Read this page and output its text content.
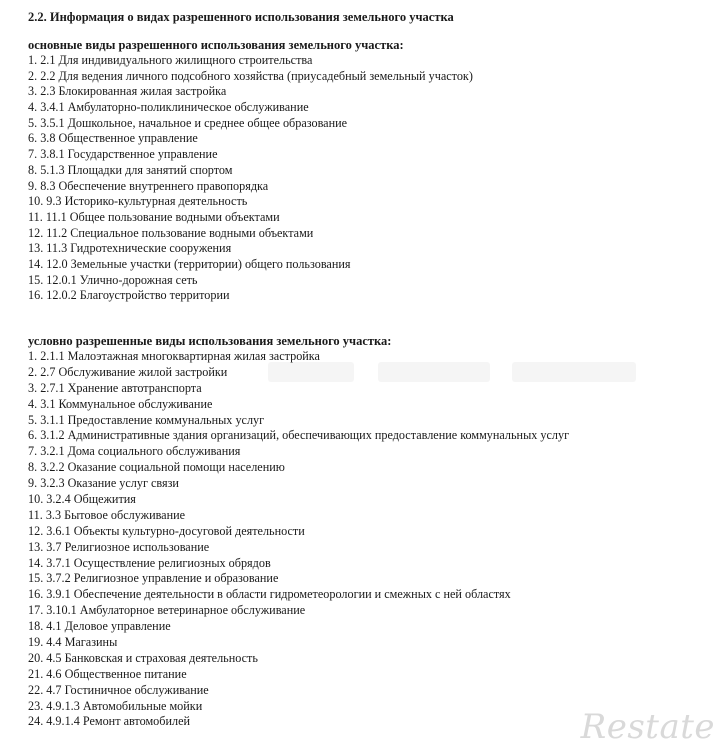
2.2. Информация о видах разрешенного использования земельного участка
основные виды разрешенного использования земельного участка:
1. 2.1 Для индивидуального жилищного строительства
2. 2.2 Для ведения личного подсобного хозяйства (приусадебный земельный участок)
3. 2.3 Блокированная жилая застройка
4. 3.4.1 Амбулаторно-поликлиническое обслуживание
5. 3.5.1 Дошкольное, начальное и среднее общее образование
6. 3.8 Общественное управление
7. 3.8.1 Государственное управление
8. 5.1.3 Площадки для занятий спортом
9. 8.3 Обеспечение внутреннего правопорядка
10. 9.3 Историко-культурная деятельность
11. 11.1 Общее пользование водными объектами
12. 11.2 Специальное пользование водными объектами
13. 11.3 Гидротехнические сооружения
14. 12.0 Земельные участки (территории) общего пользования
15. 12.0.1 Улично-дорожная сеть
16. 12.0.2 Благоустройство территории
условно разрешенные виды использования земельного участка:
1. 2.1.1 Малоэтажная многоквартирная жилая застройка
2. 2.7 Обслуживание жилой застройки
3. 2.7.1 Хранение автотранспорта
4. 3.1 Коммунальное обслуживание
5. 3.1.1 Предоставление коммунальных услуг
6. 3.1.2 Административные здания организаций, обеспечивающих предоставление коммунальных услуг
7. 3.2.1 Дома социального обслуживания
8. 3.2.2 Оказание социальной помощи населению
9. 3.2.3 Оказание услуг связи
10. 3.2.4 Общежития
11. 3.3 Бытовое обслуживание
12. 3.6.1 Объекты культурно-досуговой деятельности
13. 3.7 Религиозное использование
14. 3.7.1 Осуществление религиозных обрядов
15. 3.7.2 Религиозное управление и образование
16. 3.9.1 Обеспечение деятельности в области гидрометеорологии и смежных с ней областях
17. 3.10.1 Амбулаторное ветеринарное обслуживание
18. 4.1 Деловое управление
19. 4.4 Магазины
20. 4.5 Банковская и страховая деятельность
21. 4.6 Общественное питание
22. 4.7 Гостиничное обслуживание
23. 4.9.1.3 Автомобильные мойки
24. 4.9.1.4 Ремонт автомобилей	Restate
